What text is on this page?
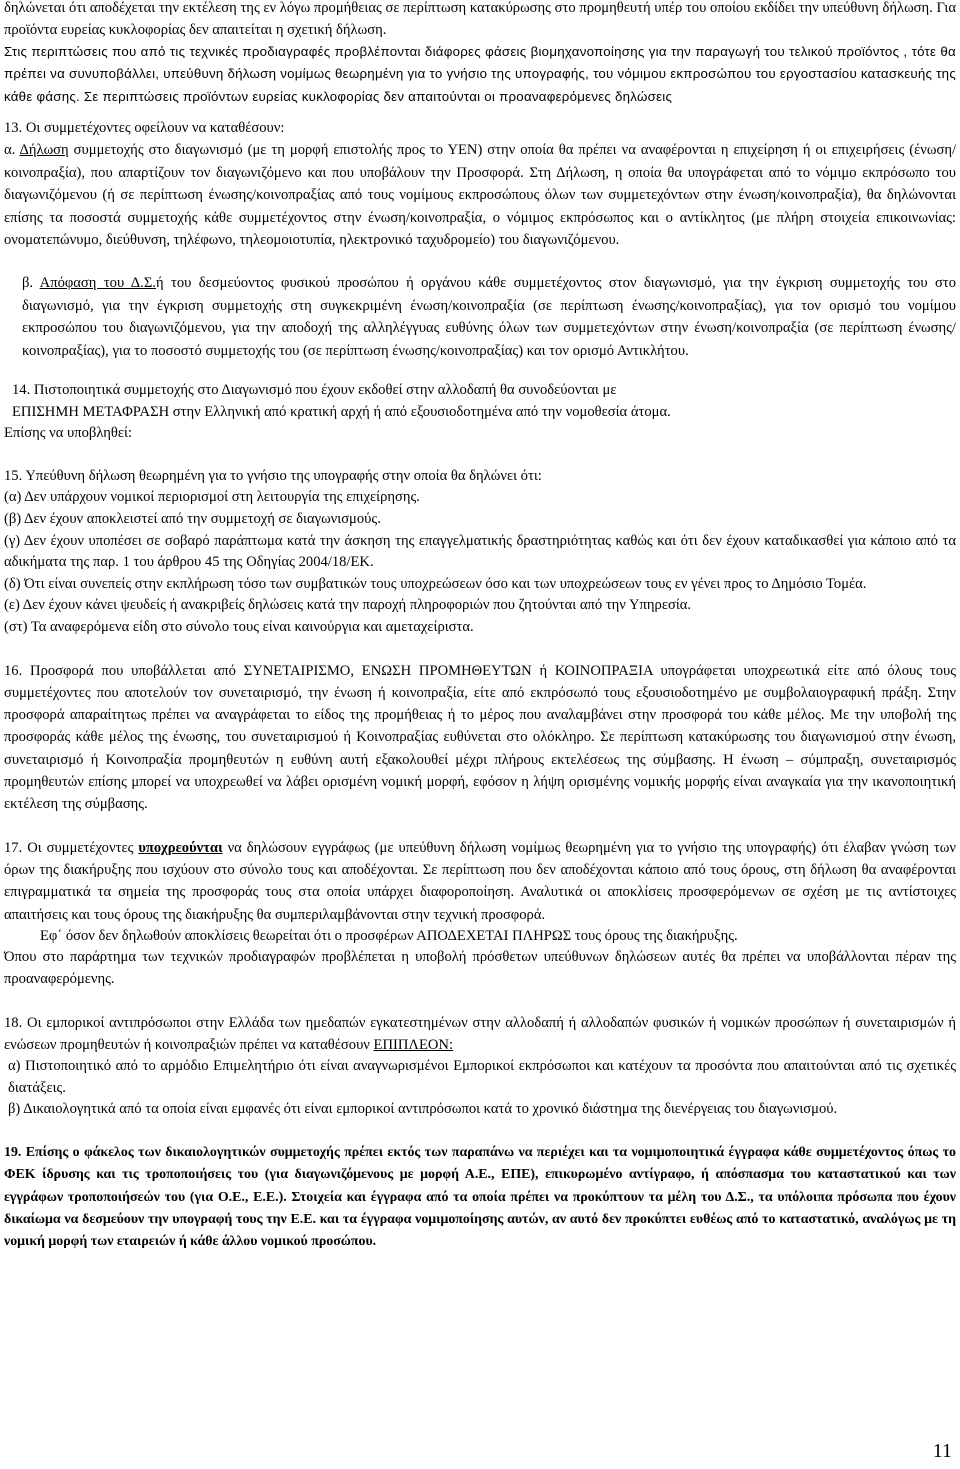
δηλώνεται ότι αποδέχεται την εκτέλεση της εν λόγω προμήθειας σε περίπτωση κατακύρωσης στο προμηθευτή υπέρ του οποίου εκδίδει την υπεύθυνη δήλωση. Για προϊόντα ευρείας κυκλοφορίας δεν απαιτείται η σχετική δήλωση.

Στις περιπτώσεις που από τις τεχνικές προδιαγραφές προβλέπονται διάφορες φάσεις βιομηχανοποίησης για την παραγωγή του τελικού προϊόντος , τότε θα πρέπει να συνυποβάλλει, υπεύθυνη δήλωση νομίμως θεωρημένη για το γνήσιο της υπογραφής, του νόμιμου εκπροσώπου του εργοστασίου κατασκευής της κάθε φάσης. Σε περιπτώσεις προϊόντων ευρείας κυκλοφορίας δεν απαιτούνται οι προαναφερόμενες δηλώσεις

13. Οι συμμετέχοντες οφείλουν να καταθέσουν:

α. Δήλωση συμμετοχής στο διαγωνισμό (με τη μορφή επιστολής προς το ΥΕΝ) στην οποία θα πρέπει να αναφέρονται η επιχείρηση ή οι επιχειρήσεις (ένωση/κοινοπραξία), που απαρτίζουν τον διαγωνιζόμενο και που υποβάλουν την Προσφορά. Στη Δήλωση, η οποία θα υπογράφεται από το νόμιμο εκπρόσωπο του διαγωνιζόμενου (ή σε περίπτωση ένωσης/κοινοπραξίας από τους νομίμους εκπροσώπους όλων των συμμετεχόντων στην ένωση/κοινοπραξία), θα δηλώνονται επίσης τα ποσοστά συμμετοχής κάθε συμμετέχοντος στην ένωση/κοινοπραξία, ο νόμιμος εκπρόσωπος και ο αντίκλητος (με πλήρη στοιχεία επικοινωνίας: ονοματεπώνυμο, διεύθυνση, τηλέφωνο, τηλεομοιοτυπία, ηλεκτρονικό ταχυδρομείο) του διαγωνιζόμενου.

β. Απόφαση του Δ.Σ.ή του δεσμεύοντος φυσικού προσώπου ή οργάνου κάθε συμμετέχοντος στον διαγωνισμό, για την έγκριση συμμετοχής του στο διαγωνισμό, για την έγκριση συμμετοχής στη συγκεκριμένη ένωση/κοινοπραξία (σε περίπτωση ένωσης/κοινοπραξίας), για τον ορισμό του νομίμου εκπροσώπου του διαγωνιζόμενου, για την αποδοχή της αλληλέγγυας ευθύνης όλων των συμμετεχόντων στην ένωση/κοινοπραξία (σε περίπτωση ένωσης/κοινοπραξίας), για το ποσοστό συμμετοχής του (σε περίπτωση ένωσης/κοινοπραξίας) και τον ορισμό Αντικλήτου.

14. Πιστοποιητικά συμμετοχής στο Διαγωνισμό που έχουν εκδοθεί στην αλλοδαπή θα συνοδεύονται με

ΕΠΙΣΗΜΗ ΜΕΤΑΦΡΑΣΗ στην Ελληνική από κρατική αρχή ή από εξουσιοδοτημένα από την νομοθεσία άτομα.

Επίσης να υποβληθεί:

15. Υπεύθυνη δήλωση θεωρημένη για το γνήσιο της υπογραφής στην οποία θα δηλώνει ότι:

(α) Δεν υπάρχουν νομικοί περιορισμοί στη λειτουργία της επιχείρησης.

(β) Δεν έχουν αποκλειστεί από την συμμετοχή σε διαγωνισμούς.

(γ) Δεν έχουν υποπέσει σε σοβαρό παράπτωμα κατά την άσκηση της επαγγελματικής δραστηριότητας καθώς και ότι δεν έχουν καταδικασθεί για κάποιο από τα αδικήματα της παρ. 1 του άρθρου 45 της Οδηγίας 2004/18/ΕΚ.

(δ) Ότι είναι συνεπείς στην εκπλήρωση τόσο των συμβατικών τους υποχρεώσεων όσο και των υποχρεώσεων τους εν γένει προς το Δημόσιο Τομέα.

(ε) Δεν έχουν κάνει ψευδείς ή ανακριβείς δηλώσεις κατά την παροχή πληροφοριών που ζητούνται από την Υπηρεσία.

(στ) Τα αναφερόμενα είδη στο σύνολο τους είναι καινούργια και αμεταχείριστα.

16. Προσφορά που υποβάλλεται από ΣΥΝΕΤΑΙΡΙΣΜΟ, ΕΝΩΣΗ ΠΡΟΜΗΘΕΥΤΩΝ ή ΚΟΙΝΟΠΡΑΞΙΑ υπογράφεται υποχρεωτικά είτε από όλους τους συμμετέχοντες που αποτελούν τον συνεταιρισμό, την ένωση ή κοινοπραξία, είτε από εκπρόσωπό τους εξουσιοδοτημένο με συμβολαιογραφική πράξη. Στην προσφορά απαραίτητως πρέπει να αναγράφεται το είδος της προμήθειας ή το μέρος που αναλαμβάνει στην προσφορά του κάθε μέλος. Με την υποβολή της προσφοράς κάθε μέλος της ένωσης, του συνεταιρισμού ή Κοινοπραξίας ευθύνεται στο ολόκληρο. Σε περίπτωση κατακύρωσης του διαγωνισμού στην ένωση, συνεταιρισμό ή Κοινοπραξία προμηθευτών η ευθύνη αυτή εξακολουθεί μέχρι πλήρους εκτελέσεως της σύμβασης. Η ένωση – σύμπραξη, συνεταιρισμός προμηθευτών επίσης μπορεί να υποχρεωθεί να λάβει ορισμένη νομική μορφή, εφόσον η λήψη ορισμένης νομικής μορφής είναι αναγκαία για την ικανοποιητική εκτέλεση της σύμβασης.

17. Οι συμμετέχοντες υποχρεούνται να δηλώσουν εγγράφως (με υπεύθυνη δήλωση νομίμως θεωρημένη για το γνήσιο της υπογραφής) ότι έλαβαν γνώση των όρων της διακήρυξης που ισχύουν στο σύνολο τους και αποδέχονται. Σε περίπτωση που δεν αποδέχονται κάποιο από τους όρους, στη δήλωση θα αναφέρονται επιγραμματικά τα σημεία της προσφοράς τους στα οποία υπάρχει διαφοροποίηση. Αναλυτικά οι αποκλίσεις προσφερόμενων σε σχέση με τις αντίστοιχες απαιτήσεις και τους όρους της διακήρυξης θα συμπεριλαμβάνονται στην τεχνική προσφορά.

Εφ΄ όσον δεν δηλωθούν αποκλίσεις θεωρείται ότι ο προσφέρων ΑΠΟΔΕΧΕΤΑΙ ΠΛΗΡΩΣ τους όρους της διακήρυξης.

Όπου στο παράρτημα των τεχνικών προδιαγραφών προβλέπεται η υποβολή πρόσθετων υπεύθυνων δηλώσεων αυτές θα πρέπει να υποβάλλονται πέραν της προαναφερόμενης.

18. Οι εμπορικοί αντιπρόσωποι στην Ελλάδα των ημεδαπών εγκατεστημένων στην αλλοδαπή ή αλλοδαπών φυσικών ή νομικών προσώπων ή συνεταιρισμών ή ενώσεων προμηθευτών ή κοινοπραξιών πρέπει να καταθέσουν ΕΠΙΠΛΕΟΝ:

α) Πιστοποιητικό από το αρμόδιο Επιμελητήριο ότι είναι αναγνωρισμένοι Εμπορικοί εκπρόσωποι και κατέχουν τα προσόντα που απαιτούνται από τις σχετικές διατάξεις.

β) Δικαιολογητικά από τα οποία είναι εμφανές ότι είναι εμπορικοί αντιπρόσωποι κατά το χρονικό διάστημα της διενέργειας του διαγωνισμού.

19. Επίσης ο φάκελος των δικαιολογητικών συμμετοχής πρέπει εκτός των παραπάνω να περιέχει και τα νομιμοποιητικά έγγραφα κάθε συμμετέχοντος όπως το ΦΕΚ ίδρυσης και τις τροποποιήσεις του (για διαγωνιζόμενους με μορφή Α.Ε., ΕΠΕ), επικυρωμένο αντίγραφο, ή απόσπασμα του καταστατικού και των εγγράφων τροποποιήσεών του (για Ο.Ε., Ε.Ε.). Στοιχεία και έγγραφα από τα οποία πρέπει να προκύπτουν τα μέλη του Δ.Σ., τα υπόλοιπα πρόσωπα που έχουν δικαίωμα να δεσμεύουν την υπογραφή τους την Ε.Ε. και τα έγγραφα νομιμοποίησης αυτών, αν αυτό δεν προκύπτει ευθέως από το καταστατικό, αναλόγως με τη νομική μορφή των εταιρειών ή κάθε άλλου νομικού προσώπου.

11
